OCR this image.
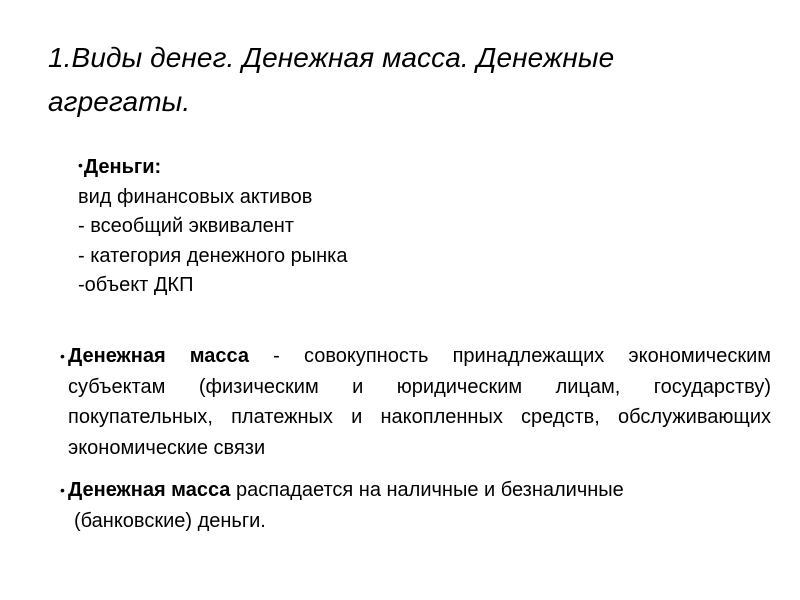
1.Виды денег. Денежная масса. Денежные
агрегаты.
•Деньги:
вид финансовых активов
- всеобщий эквивалент
- категория денежного рынка
-объект ДКП
• Денежная масса - совокупность принадлежащих экономическим субъектам (физическим и юридическим лицам, государству) покупательных, платежных и накопленных средств, обслуживающих экономические связи
• Денежная масса распадается на наличные и безналичные
(банковские) деньги.
